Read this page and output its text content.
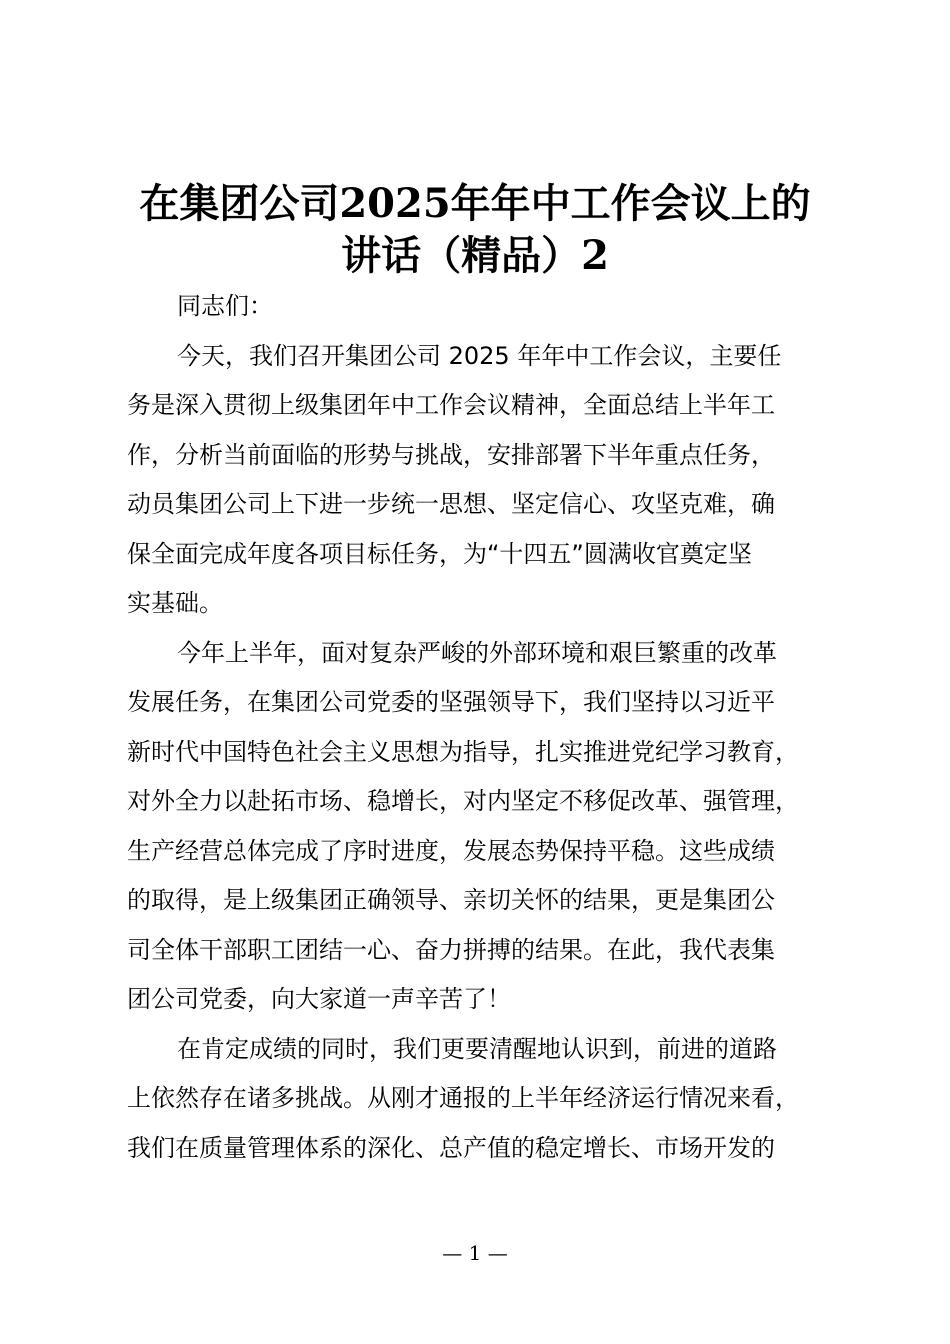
在集团公司2025年年中工作会议上的
讲话（精品）2
同志们：
今天，我们召开集团公司 2025 年年中工作会议，主要任
务是深入贯彻上级集团年中工作会议精神，全面总结上半年工
作，分析当前面临的形势与挑战，安排部署下半年重点任务，
动员集团公司上下进一步统一思想、坚定信心、攻坚克难，确
保全面完成年度各项目标任务，为“十四五”圆满收官奠定坚
实基础。
今年上半年，面对复杂严峻的外部环境和艰巨繁重的改革
发展任务，在集团公司党委的坚强领导下，我们坚持以习近平
新时代中国特色社会主义思想为指导，扎实推进党纪学习教育，
对外全力以赴拓市场、稳增长，对内坚定不移促改革、强管理，
生产经营总体完成了序时进度，发展态势保持平稳。这些成绩
的取得，是上级集团正确领导、亲切关怀的结果，更是集团公
司全体干部职工团结一心、奋力拼搏的结果。在此，我代表集
团公司党委，向大家道一声辛苦了！
在肯定成绩的同时，我们更要清醒地认识到，前进的道路
上依然存在诸多挑战。从刚才通报的上半年经济运行情况来看，
我们在质量管理体系的深化、总产值的稳定增长、市场开发的
— 1 —
